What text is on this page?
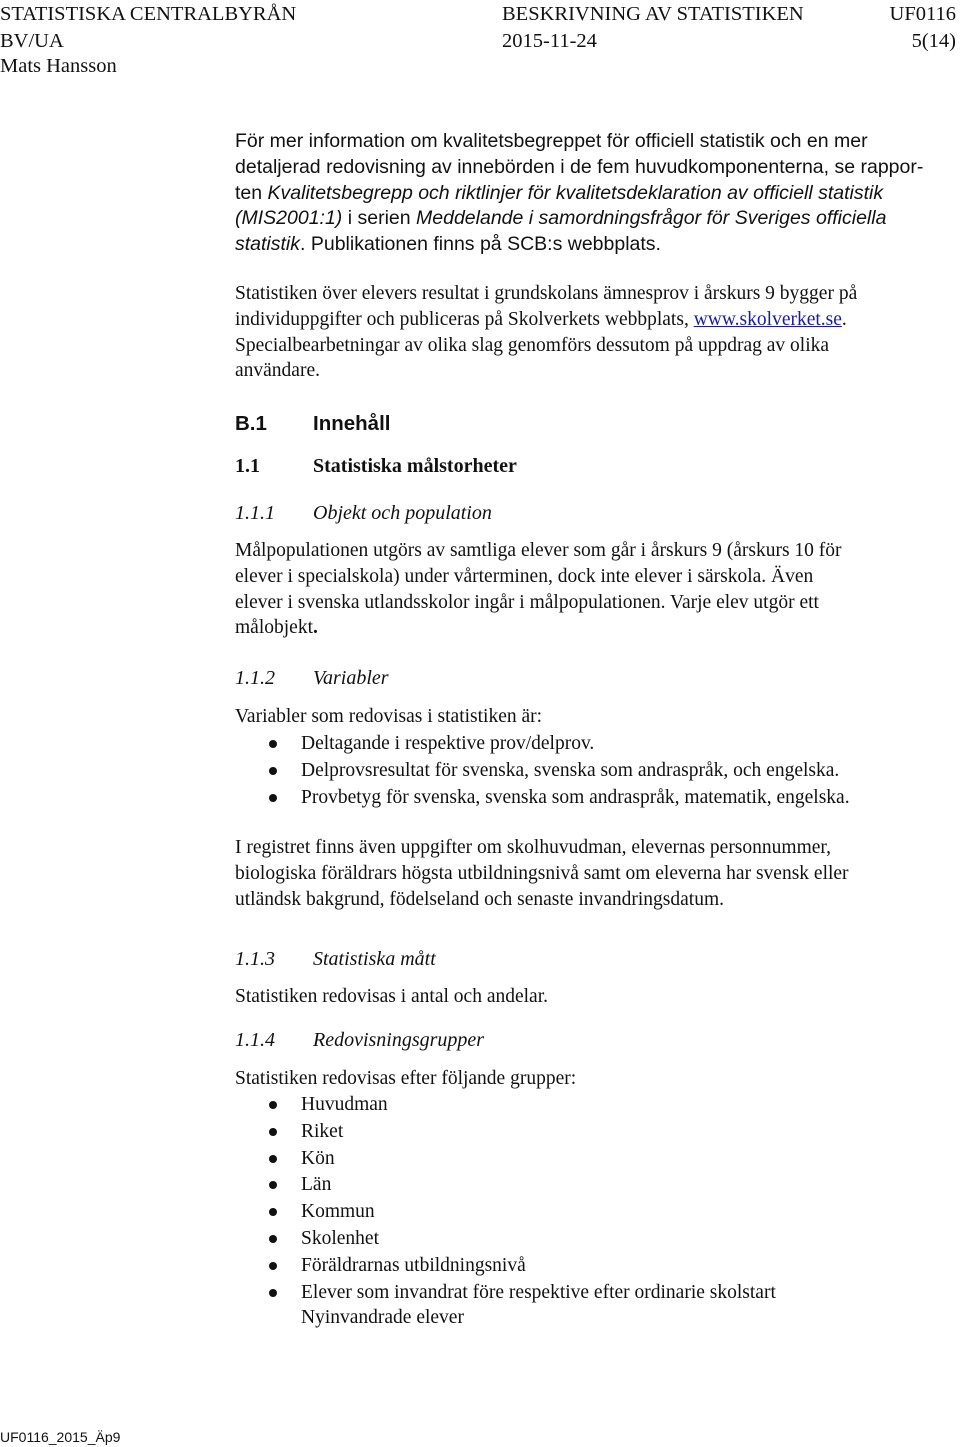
STATISTISKA CENTRALBYRÅN	BESKRIVNING AV STATISTIKEN	UF0116
BV/UA	2015-11-24	5(14)
Mats Hansson
För mer information om kvalitetsbegreppet för officiell statistik och en mer
detaljerad redovisning av innebörden i de fem huvudkomponenterna, se rappor-
ten Kvalitetsbegrepp och riktlinjer för kvalitetsdeklaration av officiell statistik
(MIS2001:1) i serien Meddelande i samordningsfrågor för Sveriges officiella
statistik. Publikationen finns på SCB:s webbplats.
Statistiken över elevers resultat i grundskolans ämnesprov i årskurs 9 bygger på
individuppgifter och publiceras på Skolverkets webbplats, www.skolverket.se.
Specialbearbetningar av olika slag genomförs dessutom på uppdrag av olika
användare.
B.1 Innehåll
1.1	Statistiska målstorheter
1.1.1 Objekt och population
Målpopulationen utgörs av samtliga elever som går i årskurs 9 (årskurs 10 för
elever i specialskola) under vårterminen, dock inte elever i särskola. Även
elever i svenska utlandsskolor ingår i målpopulationen. Varje elev utgör ett
målobjekt.
1.1.2 Variabler
Variabler som redovisas i statistiken är:
Deltagande i respektive prov/delprov.
Delprovsresultat för svenska, svenska som andraspråk, och engelska.
Provbetyg för svenska, svenska som andraspråk, matematik, engelska.
I registret finns även uppgifter om skolhuvudman, elevernas personnummer,
biologiska föräldrars högsta utbildningsnivå samt om eleverna har svensk eller
utländsk bakgrund, födelseland och senaste invandringsdatum.
1.1.3 Statistiska mått
Statistiken redovisas i antal och andelar.
1.1.4 Redovisningsgrupper
Statistiken redovisas efter följande grupper:
Huvudman
Riket
Kön
Län
Kommun
Skolenhet
Föräldrarnas utbildningsnivå
Elever som invandrat före respektive efter ordinarie skolstart
Nyinvandrade elever
UF0116_2015_Äp9
